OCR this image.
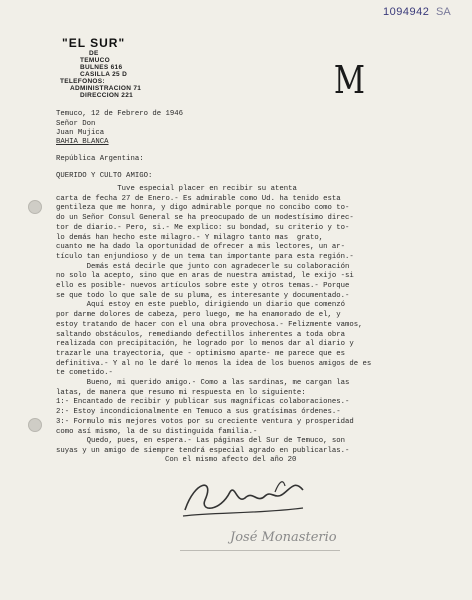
1094942 SA
"EL SUR"
DE
TEMUCO
BULNES 616
CASILLA 25 D
TELEFONOS:
ADMINISTRACION 71
DIRECCION 221	M
Temuco, 12 de Febrero de 1946
Señor Don
Juan Mujica
BAHIA BLANCA
República Argentina:
QUERIDO Y CULTO AMIGO:
Tuve especial placer en recibir su atenta
carta de fecha 27 de Enero.- Es admirable como Ud. ha tenido esta
gentileza que me honra, y digo admirable porque no concibo como to-
do un Señor Consul General se ha preocupado de un modestísimo direc-
tor de diario.- Pero, si.- Me explico: su bondad, su criterio y to-
lo demás han hecho este milagro.- Y milagro tanto mas  grato,
cuanto me ha dado la oportunidad de ofrecer a mis lectores, un ar-
tículo tan enjundioso y de un tema tan importante para esta región.-
Demás está decirle que junto con agradecerle su colaboración
no solo la acepto, sino que en aras de nuestra amistad, le exijo -si
ello es posible- nuevos artículos sobre este y otros temas.- Porque
se que todo lo que sale de su pluma, es interesante y documentado.-
Aquí estoy en este pueblo, dirigiendo un diario que comenzó
por darme dolores de cabeza, pero luego, me ha enamorado de el, y
estoy tratando de hacer con el una obra provechosa.- Felizmente vamos,
saltando obstáculos, remediando defectillos inherentes a toda obra
realizada con precipitación, he logrado por lo menos dar al diario y
trazarle una trayectoria, que - optimismo aparte- me parece que es
definitiva.- Y al no le daré lo menos la idea de los buenos amigos de es
te cometido.-
Bueno, mi querido amigo.- Como a las sardinas, me cargan las
latas, de manera que resumo mi respuesta en lo siguiente:
1:- Encantado de recibir y publicar sus magníficas colaboraciones.-
2:- Estoy incondicionalmente en Temuco a sus gratísimas órdenes.-
3:- Formulo mis mejores votos por su creciente ventura y prosperidad
como así mismo, la de su distinguida familia.-
Quedo, pues, en espera.- Las páginas del Sur de Temuco, son
suyas y un amigo de siempre tendrá especial agrado en publicarlas.-
Con el mismo afecto del año 20
José Monasterio
